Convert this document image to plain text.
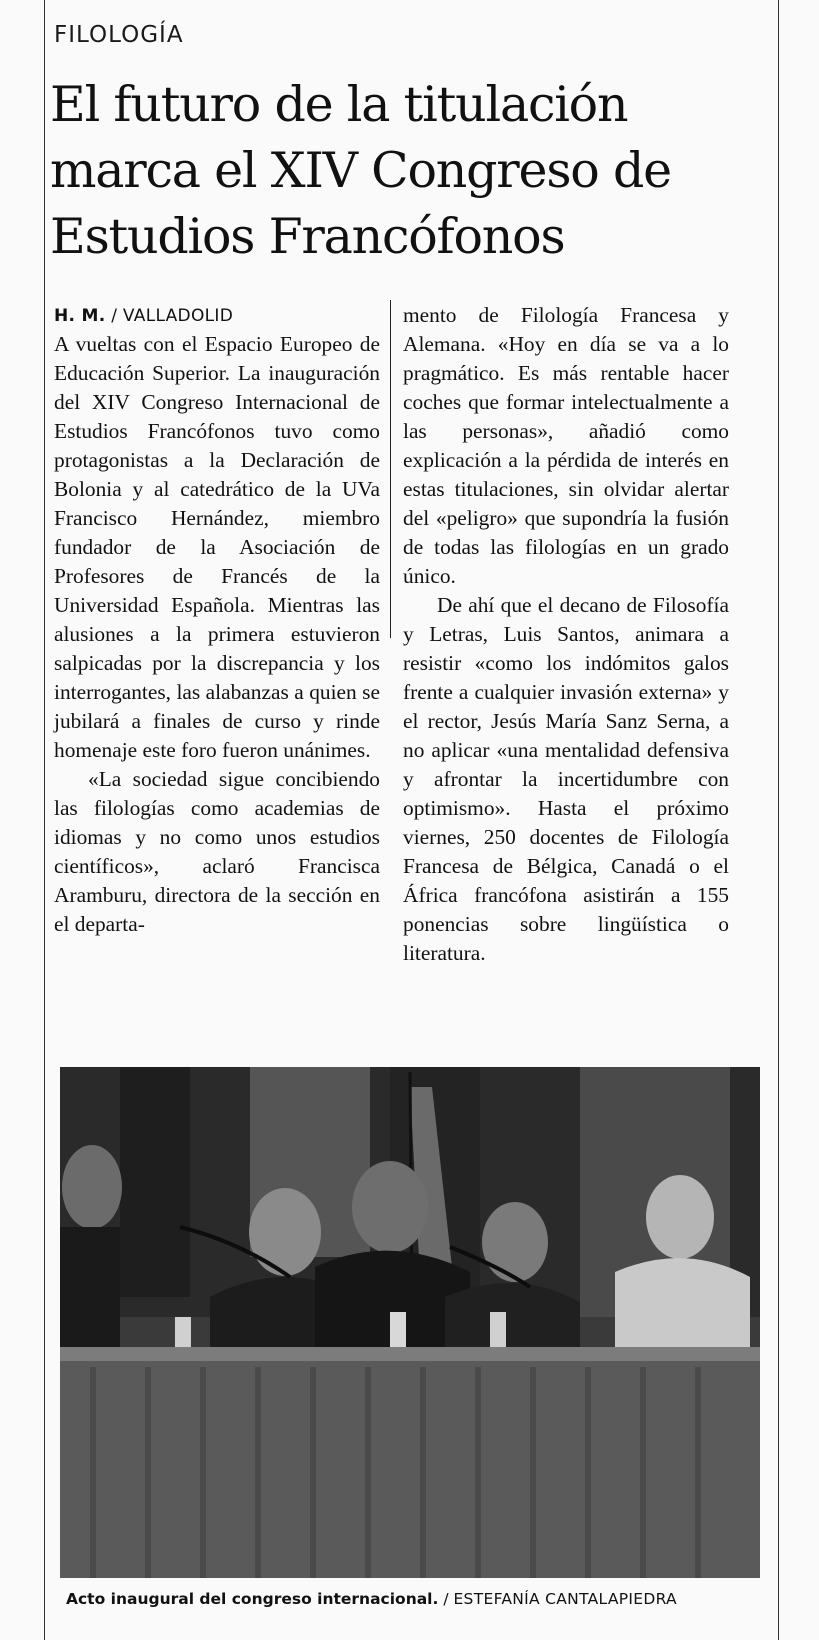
FILOLOGÍA
El futuro de la titulación marca el XIV Congreso de Estudios Francófonos
H. M. / VALLADOLID

A vueltas con el Espacio Europeo de Educación Superior. La inauguración del XIV Congreso Internacional de Estudios Francófonos tuvo como protagonistas a la Declaración de Bolonia y al catedrático de la UVa Francisco Hernández, miembro fundador de la Asociación de Profesores de Francés de la Universidad Española. Mientras las alusiones a la primera estuvieron salpicadas por la discrepancia y los interrogantes, las alabanzas a quien se jubilará a finales de curso y rinde homenaje este foro fueron unánimes.

«La sociedad sigue concibiendo las filologías como academias de idiomas y no como unos estudios científicos», aclaró Francisca Aramburu, directora de la sección en el departa-

mento de Filología Francesa y Alemana. «Hoy en día se va a lo pragmático. Es más rentable hacer coches que formar intelectualmente a las personas», añadió como explicación a la pérdida de interés en estas titulaciones, sin olvidar alertar del «peligro» que supondría la fusión de todas las filologías en un grado único.

De ahí que el decano de Filosofía y Letras, Luis Santos, animara a resistir «como los indómitos galos frente a cualquier invasión externa» y el rector, Jesús María Sanz Serna, a no aplicar «una mentalidad defensiva y afrontar la incertidumbre con optimismo». Hasta el próximo viernes, 250 docentes de Filología Francesa de Bélgica, Canadá o el África francófona asistirán a 155 ponencias sobre lingüística o literatura.

Acto inaugural del congreso internacional. / ESTEFANÍA CANTALAPIEDRA
